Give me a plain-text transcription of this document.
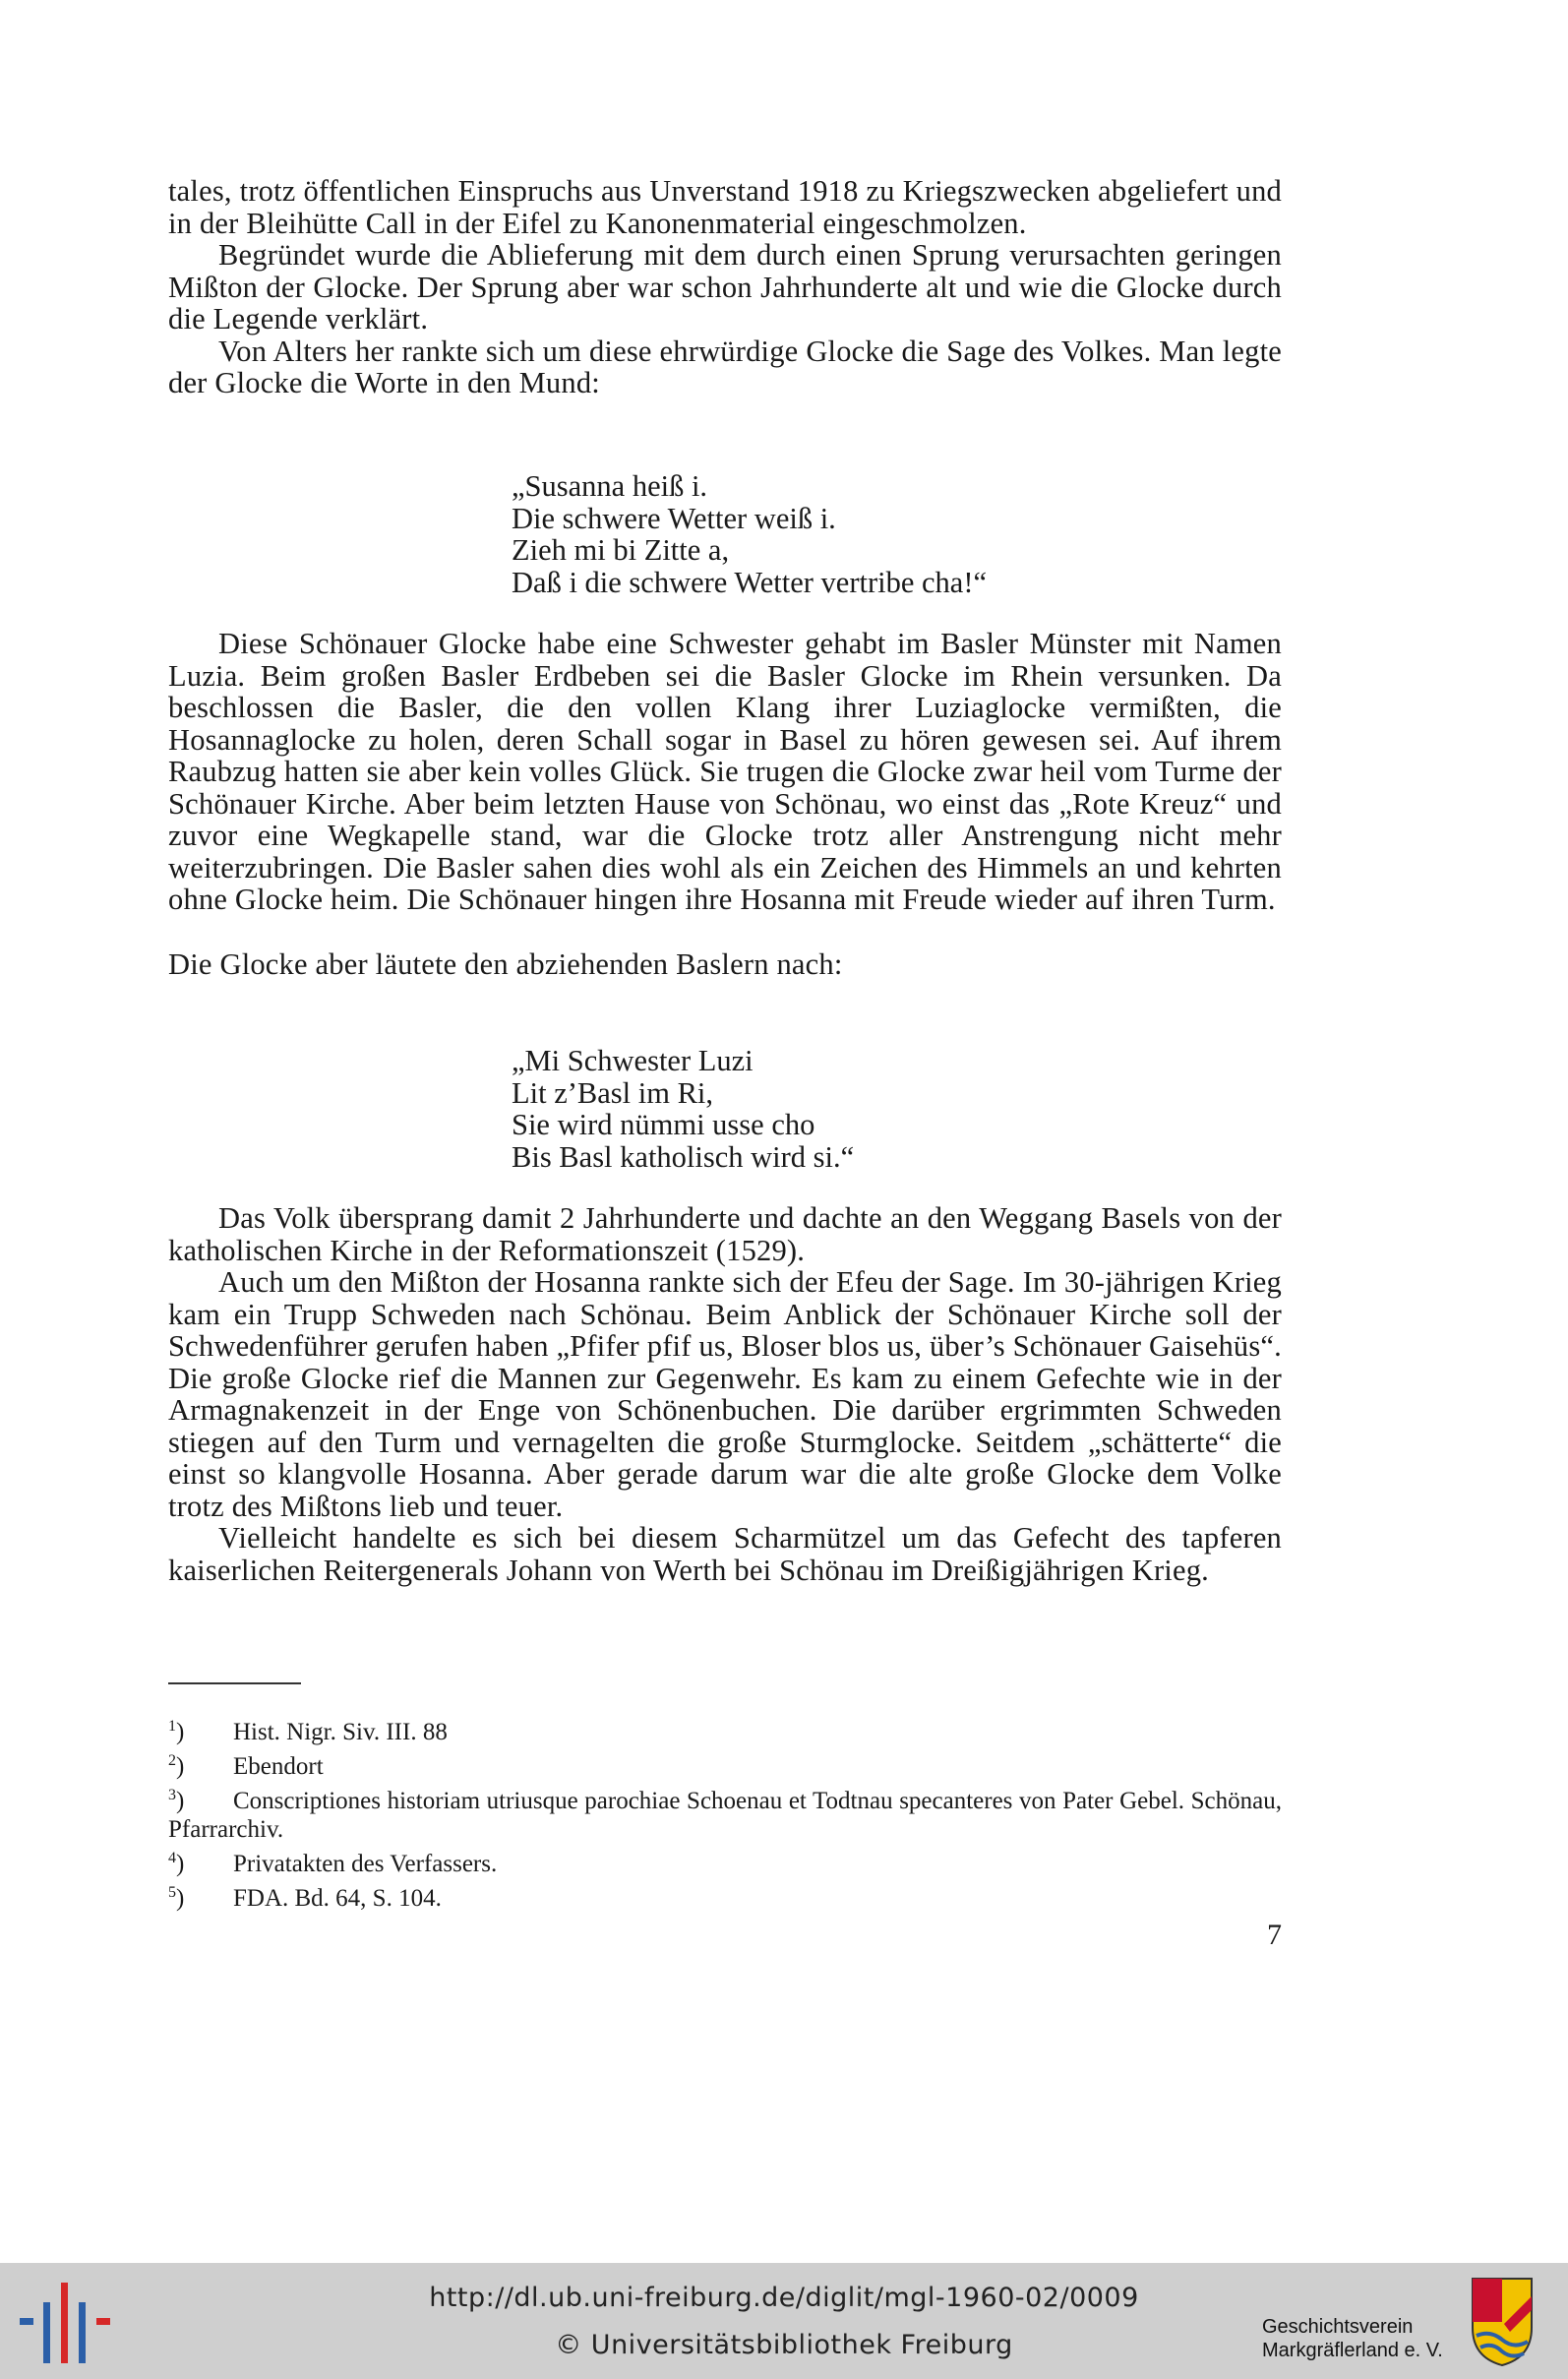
tales, trotz öffentlichen Einspruchs aus Unverstand 1918 zu Kriegszwecken abgeliefert und in der Bleihütte Call in der Eifel zu Kanonenmaterial eingeschmolzen.

Begründet wurde die Ablieferung mit dem durch einen Sprung verursachten geringen Mißton der Glocke. Der Sprung aber war schon Jahrhunderte alt und wie die Glocke durch die Legende verklärt.

Von Alters her rankte sich um diese ehrwürdige Glocke die Sage des Volkes. Man legte der Glocke die Worte in den Mund:

„Susanna heiß i.
Die schwere Wetter weiß i.
Zieh mi bi Zitte a,
Daß i die schwere Wetter vertribe cha!“

Diese Schönauer Glocke habe eine Schwester gehabt im Basler Münster mit Namen Luzia. Beim großen Basler Erdbeben sei die Basler Glocke im Rhein versunken. Da beschlossen die Basler, die den vollen Klang ihrer Luziaglocke vermißten, die Hosannaglocke zu holen, deren Schall sogar in Basel zu hören gewesen sei. Auf ihrem Raubzug hatten sie aber kein volles Glück. Sie trugen die Glocke zwar heil vom Turme der Schönauer Kirche. Aber beim letzten Hause von Schönau, wo einst das „Rote Kreuz“ und zuvor eine Wegkapelle stand, war die Glocke trotz aller Anstrengung nicht mehr weiterzubringen. Die Basler sahen dies wohl als ein Zeichen des Himmels an und kehrten ohne Glocke heim. Die Schönauer hingen ihre Hosanna mit Freude wieder auf ihren Turm.

Die Glocke aber läutete den abziehenden Baslern nach:

„Mi Schwester Luzi
Lit z’Basl im Ri,
Sie wird nümmi usse cho
Bis Basl katholisch wird si.“

Das Volk übersprang damit 2 Jahrhunderte und dachte an den Weggang Basels von der katholischen Kirche in der Reformationszeit (1529).

Auch um den Mißton der Hosanna rankte sich der Efeu der Sage. Im 30-jährigen Krieg kam ein Trupp Schweden nach Schönau. Beim Anblick der Schönauer Kirche soll der Schwedenführer gerufen haben „Pfifer pfif us, Bloser blos us, über’s Schönauer Gaisehüs“. Die große Glocke rief die Mannen zur Gegenwehr. Es kam zu einem Gefechte wie in der Armagnakenzeit in der Enge von Schönenbuchen. Die darüber ergrimmten Schweden stiegen auf den Turm und vernagelten die große Sturmglocke. Seitdem „schätterte“ die einst so klangvolle Hosanna. Aber gerade darum war die alte große Glocke dem Volke trotz des Mißtons lieb und teuer.

Vielleicht handelte es sich bei diesem Scharmützel um das Gefecht des tapferen kaiserlichen Reitergenerals Johann von Werth bei Schönau im Dreißigjährigen Krieg.

$^1$) Hist. Nigr. Siv. III. 88

$^2$) Ebendort

$^3$) Conscriptiones historiam utriusque parochiae Schoenau et Todtnau specanteres von Pater Gebel. Schönau, Pfarrarchiv.

$^4$) Privatakten des Verfassers.

$^5$) FDA. Bd. 64, S. 104.

7
http://dl.ub.uni-freiburg.de/diglit/mgl-1960-02/0009
© Universitätsbibliothek Freiburg
Geschichtsverein
Markgräflerland e. V.
